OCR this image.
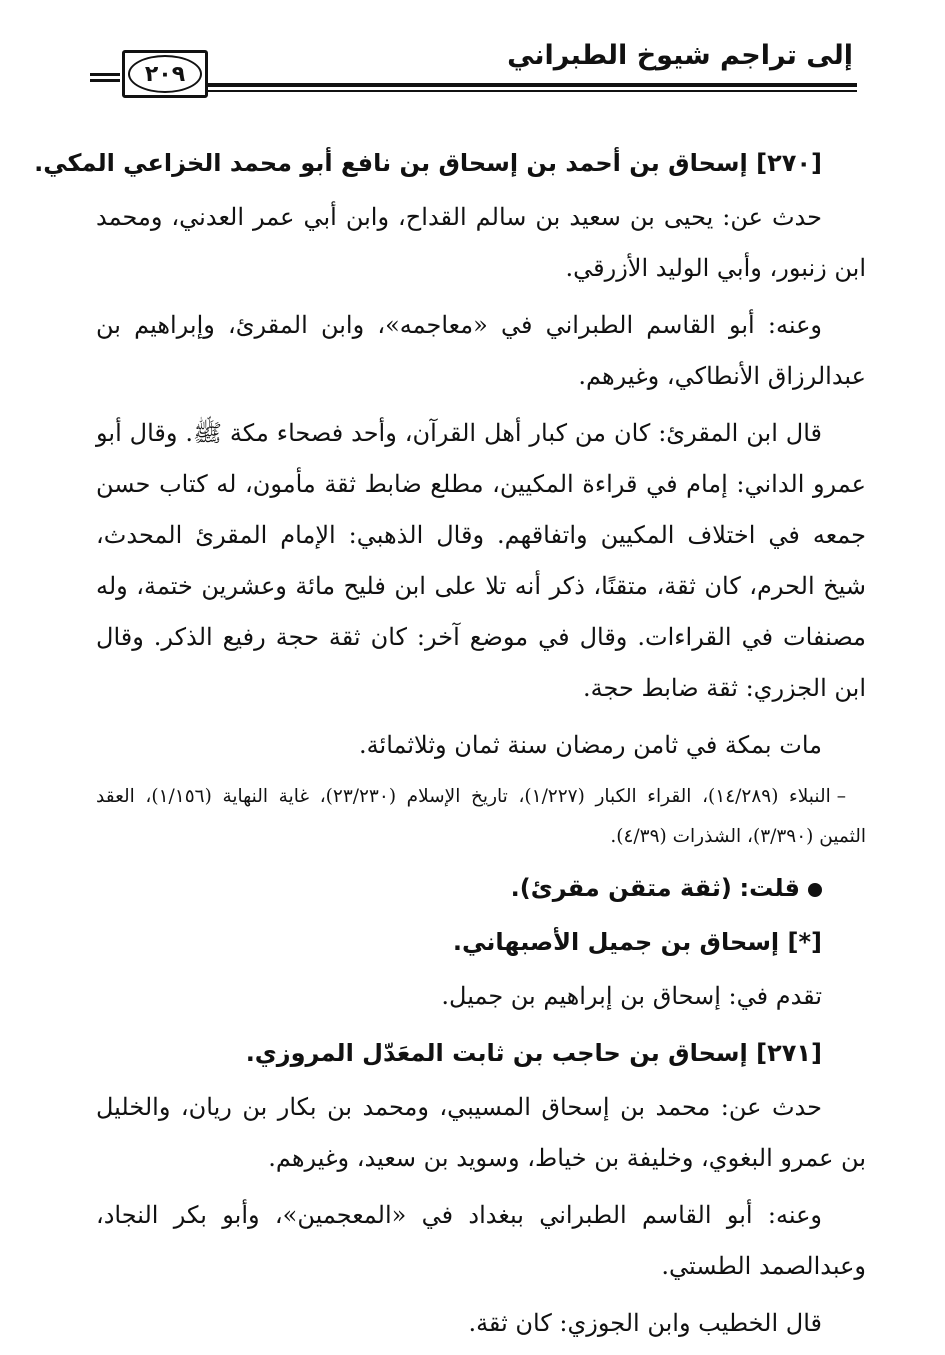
إلى تراجم شيوخ الطبراني
٢٠٩

[٢٧٠] إسحاق بن أحمد بن إسحاق بن نافع أبو محمد الخزاعي المكي.

حدث عن: يحيى بن سعيد بن سالم القداح، وابن أبي عمر العدني، ومحمد ابن زنبور، وأبي الوليد الأزرقي.

وعنه: أبو القاسم الطبراني في «معاجمه»، وابن المقرئ، وإبراهيم بن عبدالرزاق الأنطاكي، وغيرهم.

قال ابن المقرئ: كان من كبار أهل القرآن، وأحد فصحاء مكة ﷺ. وقال أبو عمرو الداني: إمام في قراءة المكيين، مطلع ضابط ثقة مأمون، له كتاب حسن جمعه في اختلاف المكيين واتفاقهم. وقال الذهبي: الإمام المقرئ المحدث، شيخ الحرم، كان ثقة، متقنًا، ذكر أنه تلا على ابن فليح مائة وعشرين ختمة، وله مصنفات في القراءات. وقال في موضع آخر: كان ثقة حجة رفيع الذكر. وقال ابن الجزري: ثقة ضابط حجة.

مات بمكة في ثامن رمضان سنة ثمان وثلاثمائة.

–النبلاء (١٤/٢٨٩)، القراء الكبار (١/٢٢٧)، تاريخ الإسلام (٢٣/٢٣٠)، غاية النهاية (١/١٥٦)، العقد الثمين (٣/٣٩٠)، الشذرات (٤/٣٩).

قلت: (ثقة متقن مقرئ).

[*] إسحاق بن جميل الأصبهاني.

تقدم في: إسحاق بن إبراهيم بن جميل.

[٢٧١] إسحاق بن حاجب بن ثابت المعَدّل المروزي.

حدث عن: محمد بن إسحاق المسيبي، ومحمد بن بكار بن ريان، والخليل بن عمرو البغوي، وخليفة بن خياط، وسويد بن سعيد، وغيرهم.

وعنه: أبو القاسم الطبراني ببغداد في «المعجمين»، وأبو بكر النجاد، وعبدالصمد الطستي.

قال الخطيب وابن الجوزي: كان ثقة.
